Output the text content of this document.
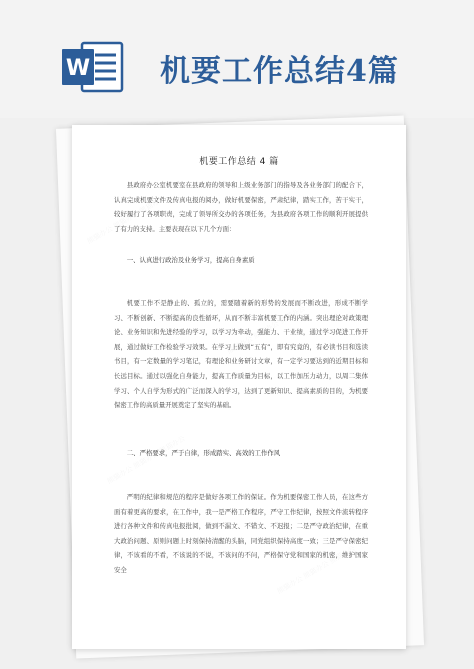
W 机要工作总结4篇
机要工作总结 4 篇

县政府办公室机要室在县政府的领导和上级业务部门的指导及各业务部门的配合下，认真完成机要文件及传真电报的阅办，做好机要保密，严肃纪律，踏实工作，苦干实干，较好履行了各项职责，完成了领导所交办的各项任务，为县政府各项工作的顺利开展提供了有力的支持。主要表现在以下几个方面：

一、认真进行政治及业务学习，提高自身素质

机要工作不是静止的、孤立的，需要随着新的形势的发展而不断改进，形成不断学习、不断创新、不断提高的良性循环，从而不断丰富机要工作的内涵。突出理论对政策理论、业务知识和先进经验的学习，以学习为牵动，强能力、干业绩，通过学习促进工作开展，通过做好工作检验学习效果。在学习上做到“五有”，即有究竟的，有必读书目和选读书目，有一定数量的学习笔记，有理论和业务研讨文章，有一定学习要达到的近期目标和长远目标。通过以强化自身能力，提高工作质量为目标，以工作加压力动力，以周二集体学习、个人自学为形式的广泛而深入的学习，达到了更新知识、提高素质的目的，为机要保密工作的高质量开展奠定了坚实的基础。

二、严格要求，严于自律，形成踏实、高效的工作作风

严明的纪律和规范的程序是做好各项工作的保证。作为机要保密工作人员，在这些方面有着更高的要求，在工作中，我一是严格工作程序，严守工作纪律，按照文件流转程序进行各种文件和传真电报批阅，做到不漏文、不错文、不迟报；二是严守政治纪律，在重大政治问题、原则问题上时刻保持清醒的头脑，同党组织保持高度一致；三是严守保密纪律，不该看的不看，不该说的不说，不该问的不问，严格保守党和国家的机密，维护国家安全
